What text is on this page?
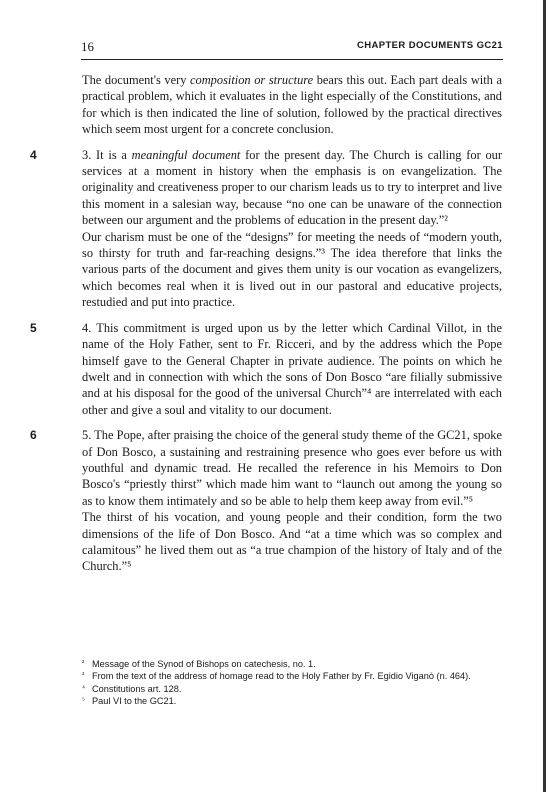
16	CHAPTER DOCUMENTS GC21

The document's very composition or structure bears this out. Each part deals with a practical problem, which it evaluates in the light especially of the Constitutions, and for which is then indicated the line of solution, followed by the practical directives which seem most urgent for a concrete conclusion.

4	3. It is a meaningful document for the present day. The Church is calling for our services at a moment in history when the emphasis is on evangelization. The originality and creativeness proper to our charism leads us to try to interpret and live this moment in a salesian way, because “no one can be unaware of the connection between our argument and the problems of education in the present day.”²

Our charism must be one of the “designs” for meeting the needs of “modern youth, so thirsty for truth and far-reaching designs.”³ The idea therefore that links the various parts of the document and gives them unity is our vocation as evangelizers, which becomes real when it is lived out in our pastoral and educative projects, restudied and put into practice.

5	4. This commitment is urged upon us by the letter which Cardinal Villot, in the name of the Holy Father, sent to Fr. Ricceri, and by the address which the Pope himself gave to the General Chapter in private audience. The points on which he dwelt and in connection with which the sons of Don Bosco “are filially submissive and at his disposal for the good of the universal Church”⁴ are interrelated with each other and give a soul and vitality to our document.

6	5. The Pope, after praising the choice of the general study theme of the GC21, spoke of Don Bosco, a sustaining and restraining presence who goes ever before us with youthful and dynamic tread. He recalled the reference in his Memoirs to Don Bosco's “priestly thirst” which made him want to “launch out among the young so as to know them intimately and so be able to help them keep away from evil.”⁵

The thirst of his vocation, and young people and their condition, form the two dimensions of the life of Don Bosco. And “at a time which was so complex and calamitous” he lived them out as “a true champion of the history of Italy and of the Church.”⁵

² Message of the Synod of Bishops on catechesis, no. 1.
³ From the text of the address of homage read to the Holy Father by Fr. Egidio Viganò (n. 464).
⁴ Constitutions art. 128.
⁵ Paul VI to the GC21.
